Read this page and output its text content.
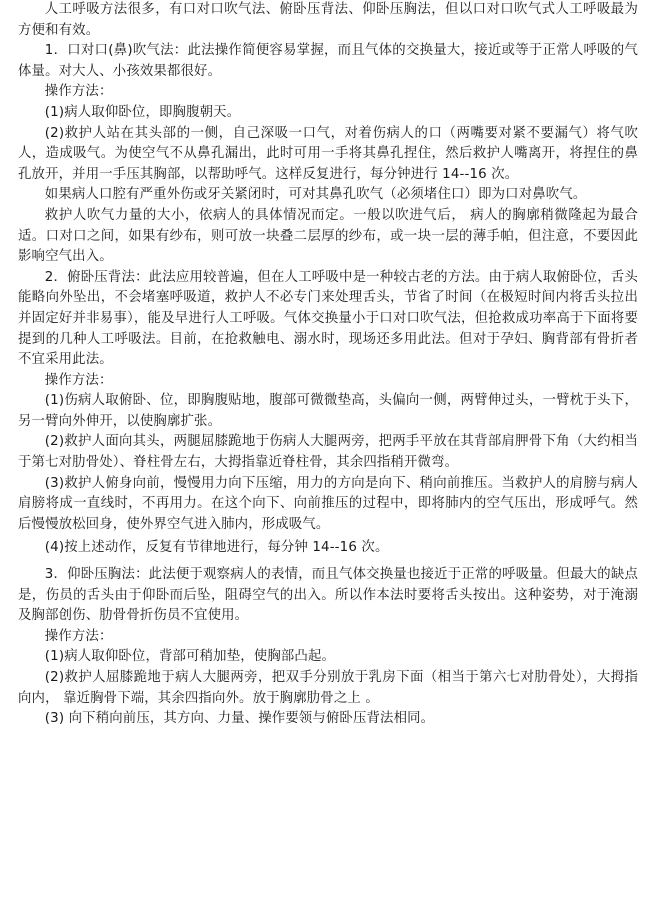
人工呼吸方法很多，有口对口吹气法、俯卧压背法、仰卧压胸法，但以口对口吹气式人工呼吸最为方便和有效。

1．口对口(鼻)吹气法：此法操作简便容易掌握，而且气体的交换量大，接近或等于正常人呼吸的气体量。对大人、小孩效果都很好。

操作方法：

(1)病人取仰卧位，即胸腹朝天。

(2)救护人站在其头部的一侧，自己深吸一口气，对着伤病人的口（两嘴要对紧不要漏气）将气吹人，造成吸气。为使空气不从鼻孔漏出，此时可用一手将其鼻孔捏住，然后救护人嘴离开，将捏住的鼻孔放开，并用一手压其胸部，以帮助呼气。这样反复进行，每分钟进行 14--16 次。

如果病人口腔有严重外伤或牙关紧闭时，可对其鼻孔吹气（必须堵住口）即为口对鼻吹气。

救护人吹气力量的大小，依病人的具体情况而定。一般以吹进气后， 病人的胸廓稍微隆起为最合适。口对口之间，如果有纱布，则可放一块叠二层厚的纱布，或一块一层的薄手帕，但注意，不要因此影响空气出入。

2．俯卧压背法：此法应用较普遍，但在人工呼吸中是一种较古老的方法。由于病人取俯卧位，舌头能略向外坠出，不会堵塞呼吸道，救护人不必专门来处理舌头，节省了时间（在极短时间内将舌头拉出并固定好并非易事），能及早进行人工呼吸。气体交换量小于口对口吹气法，但抢救成功率高于下面将要提到的几种人工呼吸法。目前，在抢救触电、溺水时，现场还多用此法。但对于孕妇、胸背部有骨折者不宜采用此法。

操作方法：

(1)伤病人取俯卧、位，即胸腹贴地，腹部可微微垫高，头偏向一侧，两臂伸过头，一臂枕于头下，另一臂向外伸开，以使胸廓扩张。

(2)救护人面向其头，两腿屈膝跪地于伤病人大腿两旁，把两手平放在其背部肩胛骨下角（大约相当于第七对肋骨处）、脊柱骨左右，大拇指靠近脊柱骨，其余四指稍开微弯。

(3)救护人俯身向前，慢慢用力向下压缩，用力的方向是向下、稍向前推压。当救护人的肩膀与病人肩膀将成一直线时，不再用力。在这个向下、向前推压的过程中，即将肺内的空气压出，形成呼气。然后慢慢放松回身，使外界空气进入肺内，形成吸气。

(4)按上述动作，反复有节律地进行，每分钟 14--16 次。

3．仰卧压胸法：此法便于观察病人的表情，而且气体交换量也接近于正常的呼吸量。但最大的缺点是，伤员的舌头由于仰卧而后坠，阻碍空气的出入。所以作本法时要将舌头按出。这种姿势，对于淹溺及胸部创伤、肋骨骨折伤员不宜使用。

操作方法：

(1)病人取仰卧位，背部可稍加垫，使胸部凸起。

(2)救护人屈膝跪地于病人大腿两旁，把双手分别放于乳房下面（相当于第六七对肋骨处），大拇指向内， 靠近胸骨下端，其余四指向外。放于胸廓肋骨之上 。

(3) 向下稍向前压，其方向、力量、操作要领与俯卧压背法相同。
